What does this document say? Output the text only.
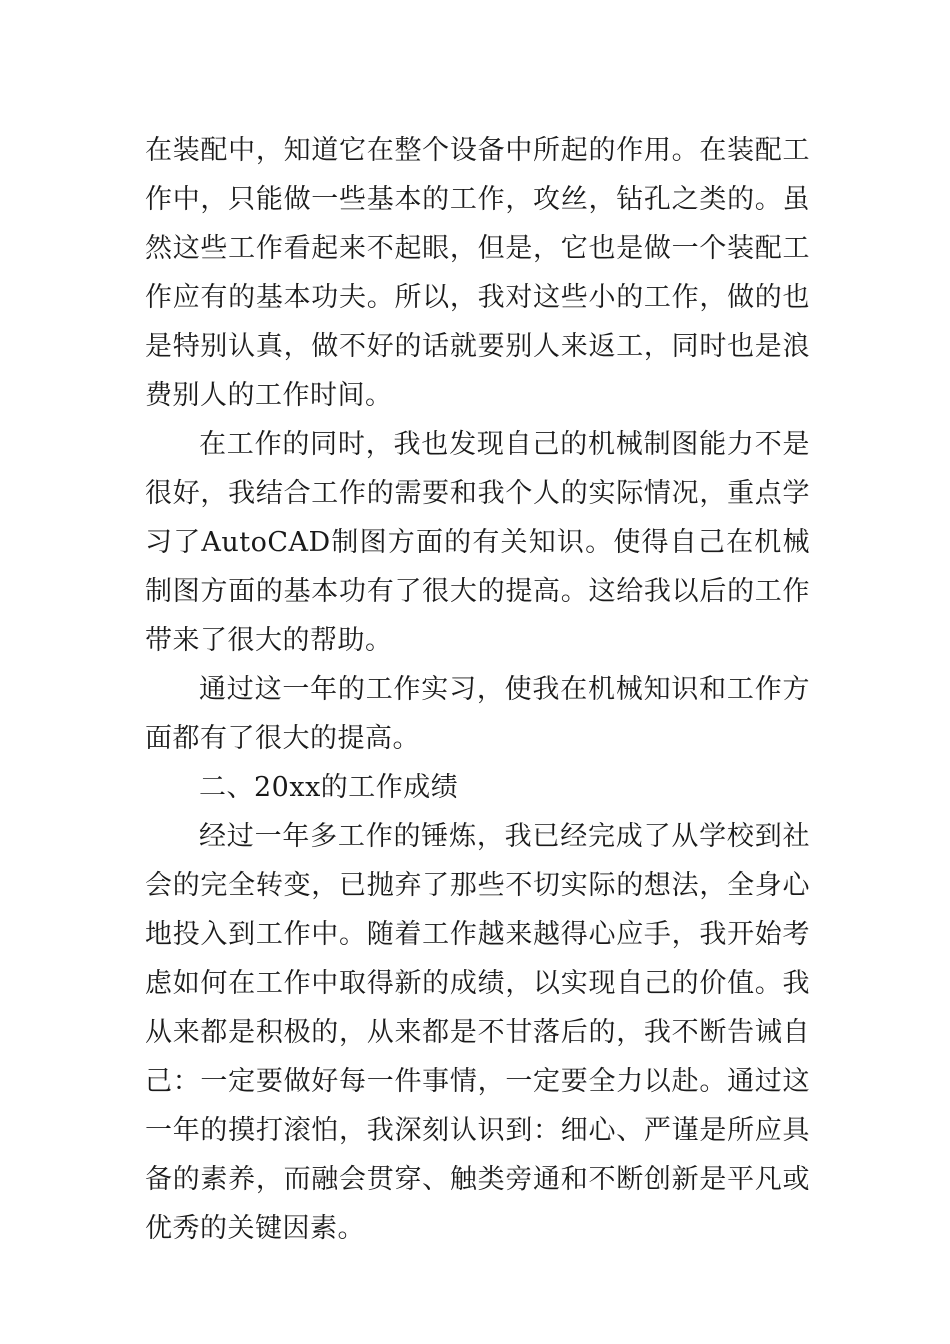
在装配中，知道它在整个设备中所起的作用。在装配工作中，只能做一些基本的工作，攻丝，钻孔之类的。虽然这些工作看起来不起眼，但是，它也是做一个装配工作应有的基本功夫。所以，我对这些小的工作，做的也是特别认真，做不好的话就要别人来返工，同时也是浪费别人的工作时间。

在工作的同时，我也发现自己的机械制图能力不是很好，我结合工作的需要和我个人的实际情况，重点学习了AutoCAD制图方面的有关知识。使得自己在机械制图方面的基本功有了很大的提高。这给我以后的工作带来了很大的帮助。

通过这一年的工作实习，使我在机械知识和工作方面都有了很大的提高。

二、20xx的工作成绩

经过一年多工作的锤炼，我已经完成了从学校到社会的完全转变，已抛弃了那些不切实际的想法，全身心地投入到工作中。随着工作越来越得心应手，我开始考虑如何在工作中取得新的成绩，以实现自己的价值。我从来都是积极的，从来都是不甘落后的，我不断告诫自己：一定要做好每一件事情，一定要全力以赴。通过这一年的摸打滚怕，我深刻认识到：细心、严谨是所应具备的素养，而融会贯穿、触类旁通和不断创新是平凡或优秀的关键因素。
